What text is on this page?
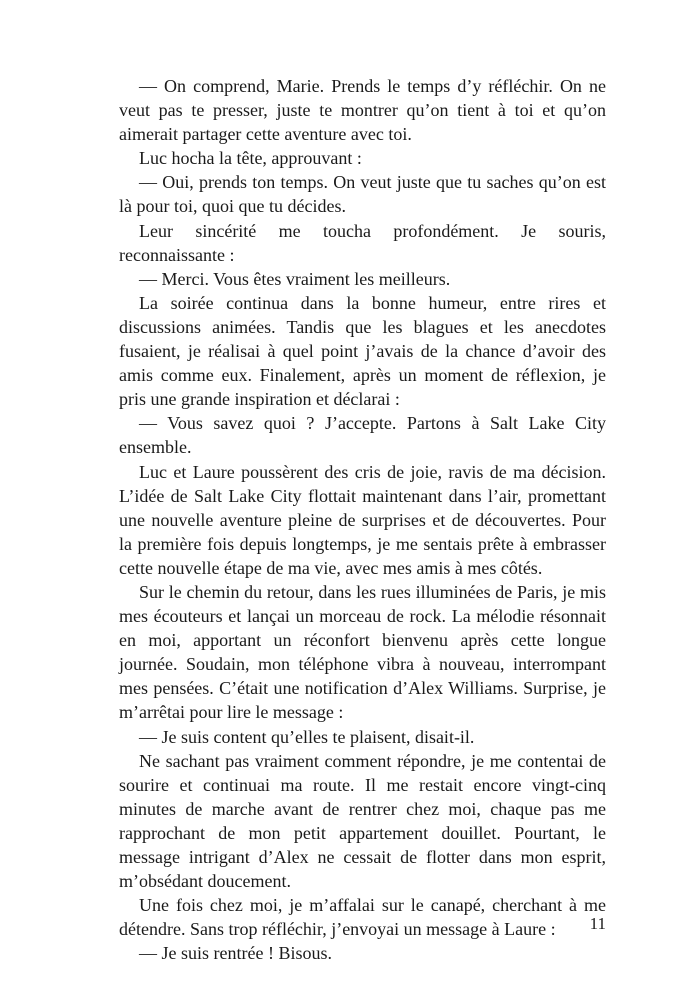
— On comprend, Marie. Prends le temps d’y réfléchir. On ne veut pas te presser, juste te montrer qu’on tient à toi et qu’on aimerait partager cette aventure avec toi.

Luc hocha la tête, approuvant :

— Oui, prends ton temps. On veut juste que tu saches qu’on est là pour toi, quoi que tu décides.

Leur sincérité me toucha profondément. Je souris, reconnaissante :

— Merci. Vous êtes vraiment les meilleurs.

La soirée continua dans la bonne humeur, entre rires et discussions animées. Tandis que les blagues et les anecdotes fusaient, je réalisai à quel point j’avais de la chance d’avoir des amis comme eux. Finalement, après un moment de réflexion, je pris une grande inspiration et déclarai :

— Vous savez quoi ? J’accepte. Partons à Salt Lake City ensemble.

Luc et Laure poussèrent des cris de joie, ravis de ma décision. L’idée de Salt Lake City flottait maintenant dans l’air, promettant une nouvelle aventure pleine de surprises et de découvertes. Pour la première fois depuis longtemps, je me sentais prête à embrasser cette nouvelle étape de ma vie, avec mes amis à mes côtés.

Sur le chemin du retour, dans les rues illuminées de Paris, je mis mes écouteurs et lançai un morceau de rock. La mélodie résonnait en moi, apportant un réconfort bienvenu après cette longue journée. Soudain, mon téléphone vibra à nouveau, interrompant mes pensées. C’était une notification d’Alex Williams. Surprise, je m’arrêtai pour lire le message :

— Je suis content qu’elles te plaisent, disait-il.

Ne sachant pas vraiment comment répondre, je me contentai de sourire et continuai ma route. Il me restait encore vingt-cinq minutes de marche avant de rentrer chez moi, chaque pas me rapprochant de mon petit appartement douillet. Pourtant, le message intrigant d’Alex ne cessait de flotter dans mon esprit, m’obsédant doucement.

Une fois chez moi, je m’affalai sur le canapé, cherchant à me détendre. Sans trop réfléchir, j’envoyai un message à Laure :

— Je suis rentrée ! Bisous.

11
